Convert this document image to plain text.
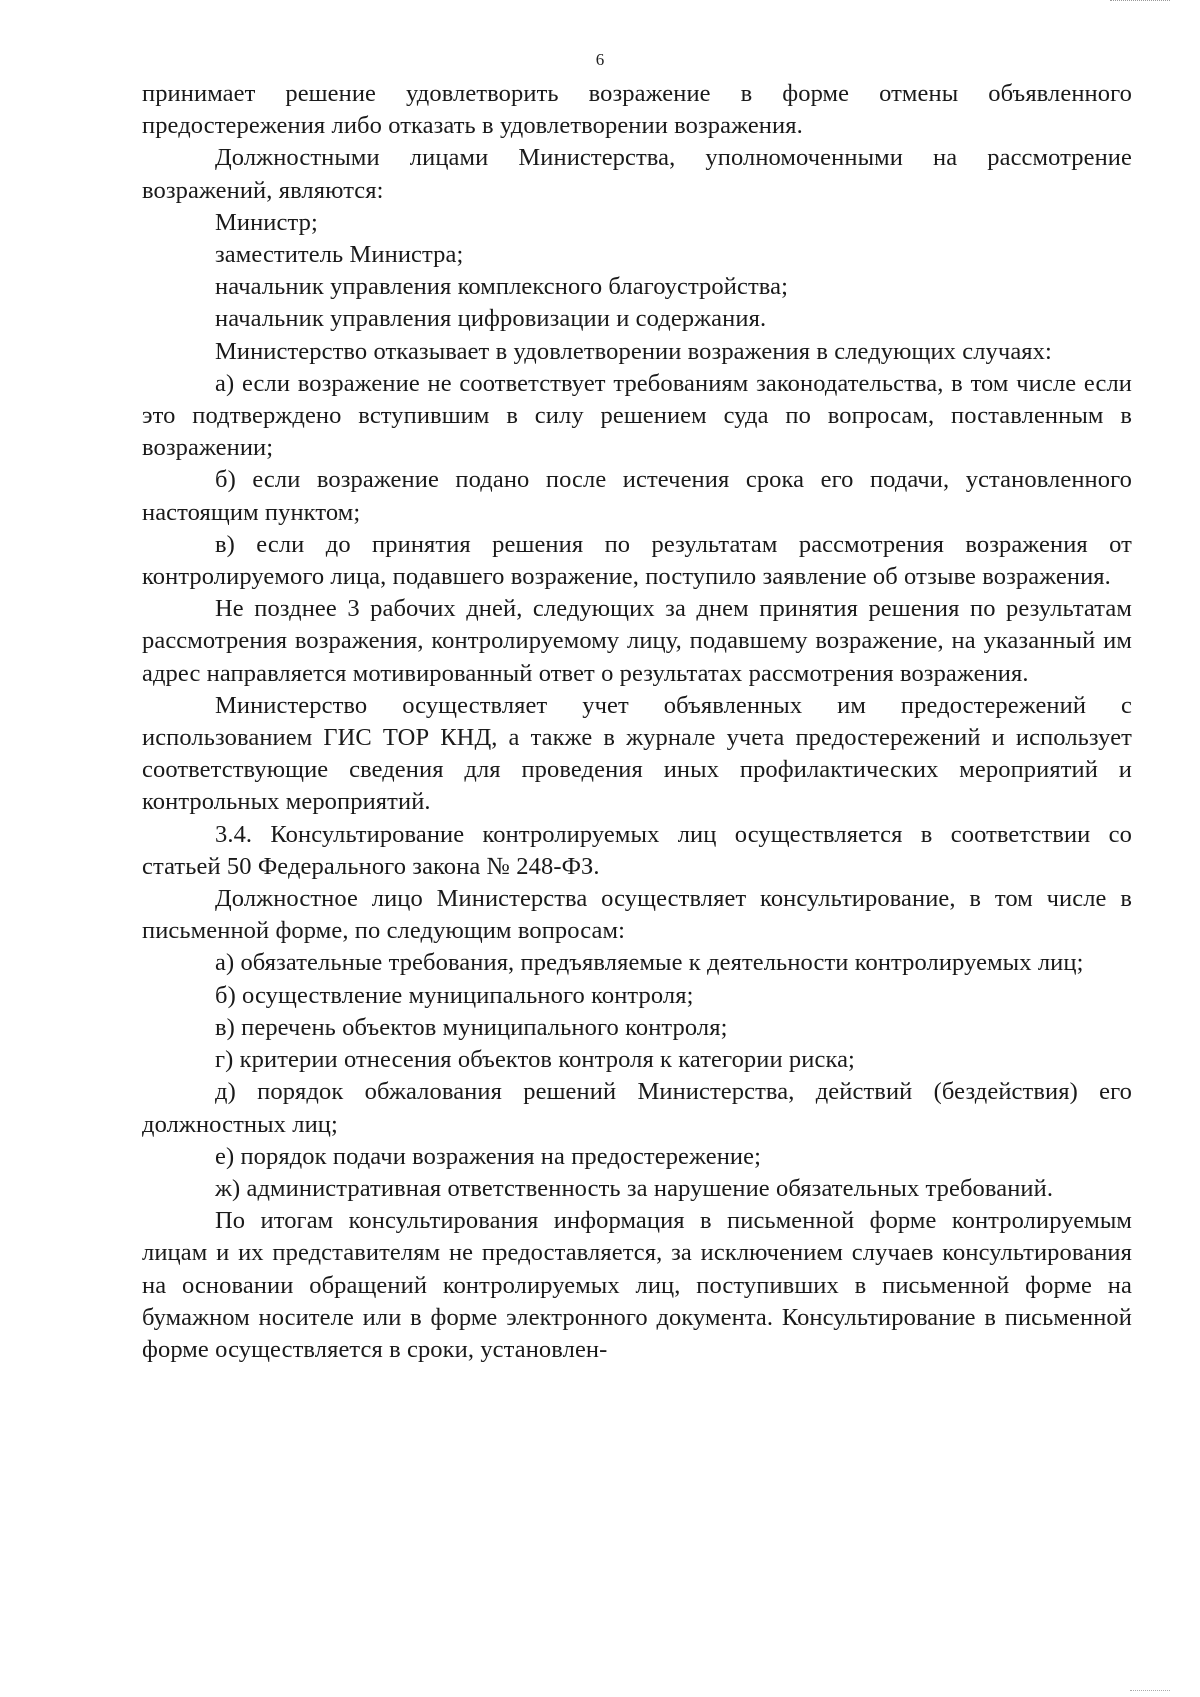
6

принимает решение удовлетворить возражение в форме отмены объявленного предостережения либо отказать в удовлетворении возражения.

Должностными лицами Министерства, уполномоченными на рассмотрение возражений, являются:

Министр;

заместитель Министра;

начальник управления комплексного благоустройства;

начальник управления цифровизации и содержания.

Министерство отказывает в удовлетворении возражения в следующих случаях:

а) если возражение не соответствует требованиям законодательства, в том числе если это подтверждено вступившим в силу решением суда по вопросам, поставленным в возражении;

б) если возражение подано после истечения срока его подачи, установленного настоящим пунктом;

в) если до принятия решения по результатам рассмотрения возражения от контролируемого лица, подавшего возражение, поступило заявление об отзыве возражения.

Не позднее 3 рабочих дней, следующих за днем принятия решения по результатам рассмотрения возражения, контролируемому лицу, подавшему возражение, на указанный им адрес направляется мотивированный ответ о результатах рассмотрения возражения.

Министерство осуществляет учет объявленных им предостережений с использованием ГИС ТОР КНД, а также в журнале учета предостережений и использует соответствующие сведения для проведения иных профилактических мероприятий и контрольных мероприятий.

3.4. Консультирование контролируемых лиц осуществляется в соответствии со статьей 50 Федерального закона № 248-ФЗ.

Должностное лицо Министерства осуществляет консультирование, в том числе в письменной форме, по следующим вопросам:

а) обязательные требования, предъявляемые к деятельности контролируемых лиц;

б) осуществление муниципального контроля;

в) перечень объектов муниципального контроля;

г) критерии отнесения объектов контроля к категории риска;

д) порядок обжалования решений Министерства, действий (бездействия) его должностных лиц;

е) порядок подачи возражения на предостережение;

ж) административная ответственность за нарушение обязательных требований.

По итогам консультирования информация в письменной форме контролируемым лицам и их представителям не предоставляется, за исключением случаев консультирования на основании обращений контролируемых лиц, поступивших в письменной форме на бумажном носителе или в форме электронного документа. Консультирование в письменной форме осуществляется в сроки, установлен-
